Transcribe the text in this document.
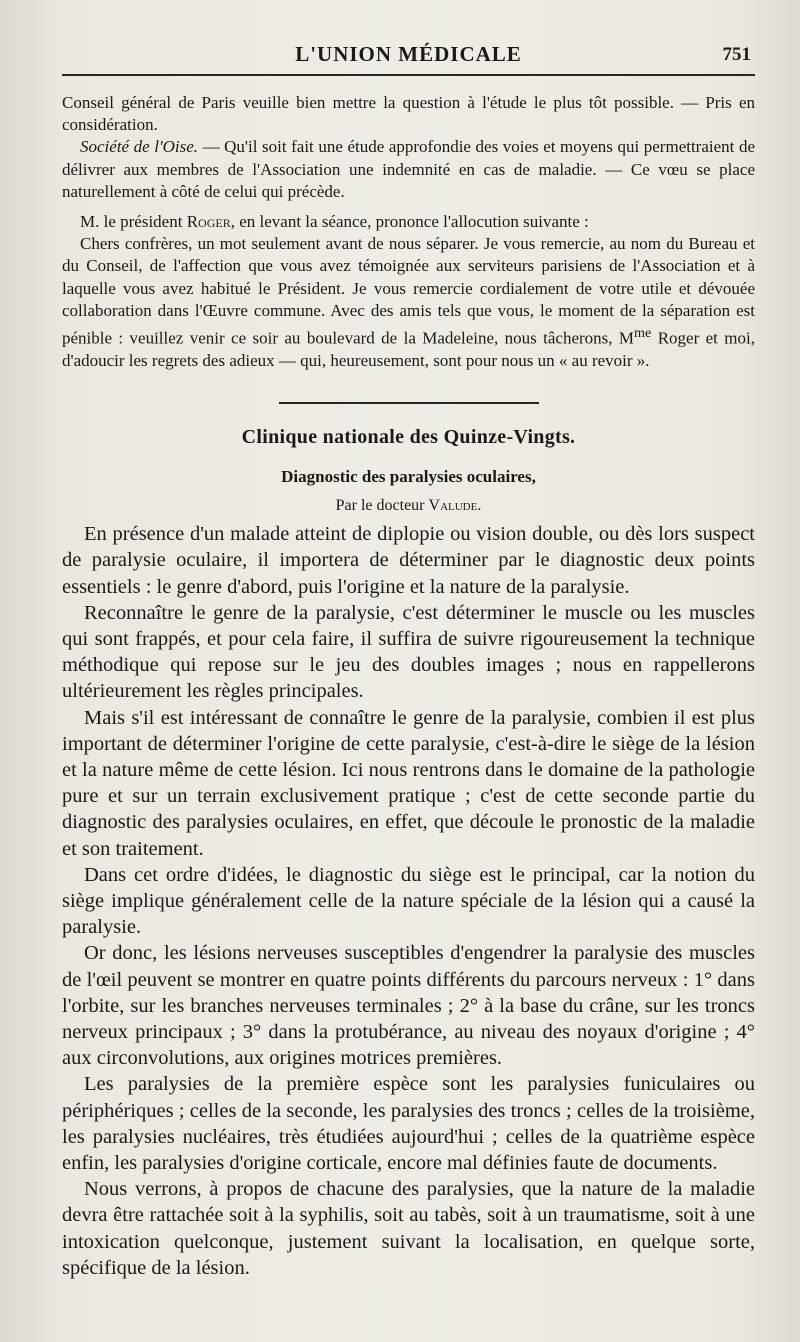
L'UNION MÉDICALE	751

Conseil général de Paris veuille bien mettre la question à l'étude le plus tôt possible. — Pris en considération.

Société de l'Oise. — Qu'il soit fait une étude approfondie des voies et moyens qui permettraient de délivrer aux membres de l'Association une indemnité en cas de maladie. — Ce vœu se place naturellement à côté de celui qui précède.

M. le président Roger, en levant la séance, prononce l'allocution suivante :

Chers confrères, un mot seulement avant de nous séparer. Je vous remercie, au nom du Bureau et du Conseil, de l'affection que vous avez témoignée aux serviteurs parisiens de l'Association et à laquelle vous avez habitué le Président. Je vous remercie cordialement de votre utile et dévouée collaboration dans l'Œuvre commune. Avec des amis tels que vous, le moment de la séparation est pénible : veuillez venir ce soir au boulevard de la Madeleine, nous tâcherons, $M^{me}$ Roger et moi, d'adoucir les regrets des adieux — qui, heureusement, sont pour nous un « au revoir ».

Clinique nationale des Quinze-Vingts.
Diagnostic des paralysies oculaires,
Par le docteur Valude.

En présence d'un malade atteint de diplopie ou vision double, ou dès lors suspect de paralysie oculaire, il importera de déterminer par le diagnostic deux points essentiels : le genre d'abord, puis l'origine et la nature de la paralysie.

Reconnaître le genre de la paralysie, c'est déterminer le muscle ou les muscles qui sont frappés, et pour cela faire, il suffira de suivre rigoureusement la technique méthodique qui repose sur le jeu des doubles images ; nous en rappellerons ultérieurement les règles principales.

Mais s'il est intéressant de connaître le genre de la paralysie, combien il est plus important de déterminer l'origine de cette paralysie, c'est-à-dire le siège de la lésion et la nature même de cette lésion. Ici nous rentrons dans le domaine de la pathologie pure et sur un terrain exclusivement pratique ; c'est de cette seconde partie du diagnostic des paralysies oculaires, en effet, que découle le pronostic de la maladie et son traitement.

Dans cet ordre d'idées, le diagnostic du siège est le principal, car la notion du siège implique généralement celle de la nature spéciale de la lésion qui a causé la paralysie.

Or donc, les lésions nerveuses susceptibles d'engendrer la paralysie des muscles de l'œil peuvent se montrer en quatre points différents du parcours nerveux : 1° dans l'orbite, sur les branches nerveuses terminales ; 2° à la base du crâne, sur les troncs nerveux principaux ; 3° dans la protubérance, au niveau des noyaux d'origine ; 4° aux circonvolutions, aux origines motrices premières.

Les paralysies de la première espèce sont les paralysies funiculaires ou périphériques ; celles de la seconde, les paralysies des troncs ; celles de la troisième, les paralysies nucléaires, très étudiées aujourd'hui ; celles de la quatrième espèce enfin, les paralysies d'origine corticale, encore mal définies faute de documents.

Nous verrons, à propos de chacune des paralysies, que la nature de la maladie devra être rattachée soit à la syphilis, soit au tabès, soit à un traumatisme, soit à une intoxication quelconque, justement suivant la localisation, en quelque sorte, spécifique de la lésion.
